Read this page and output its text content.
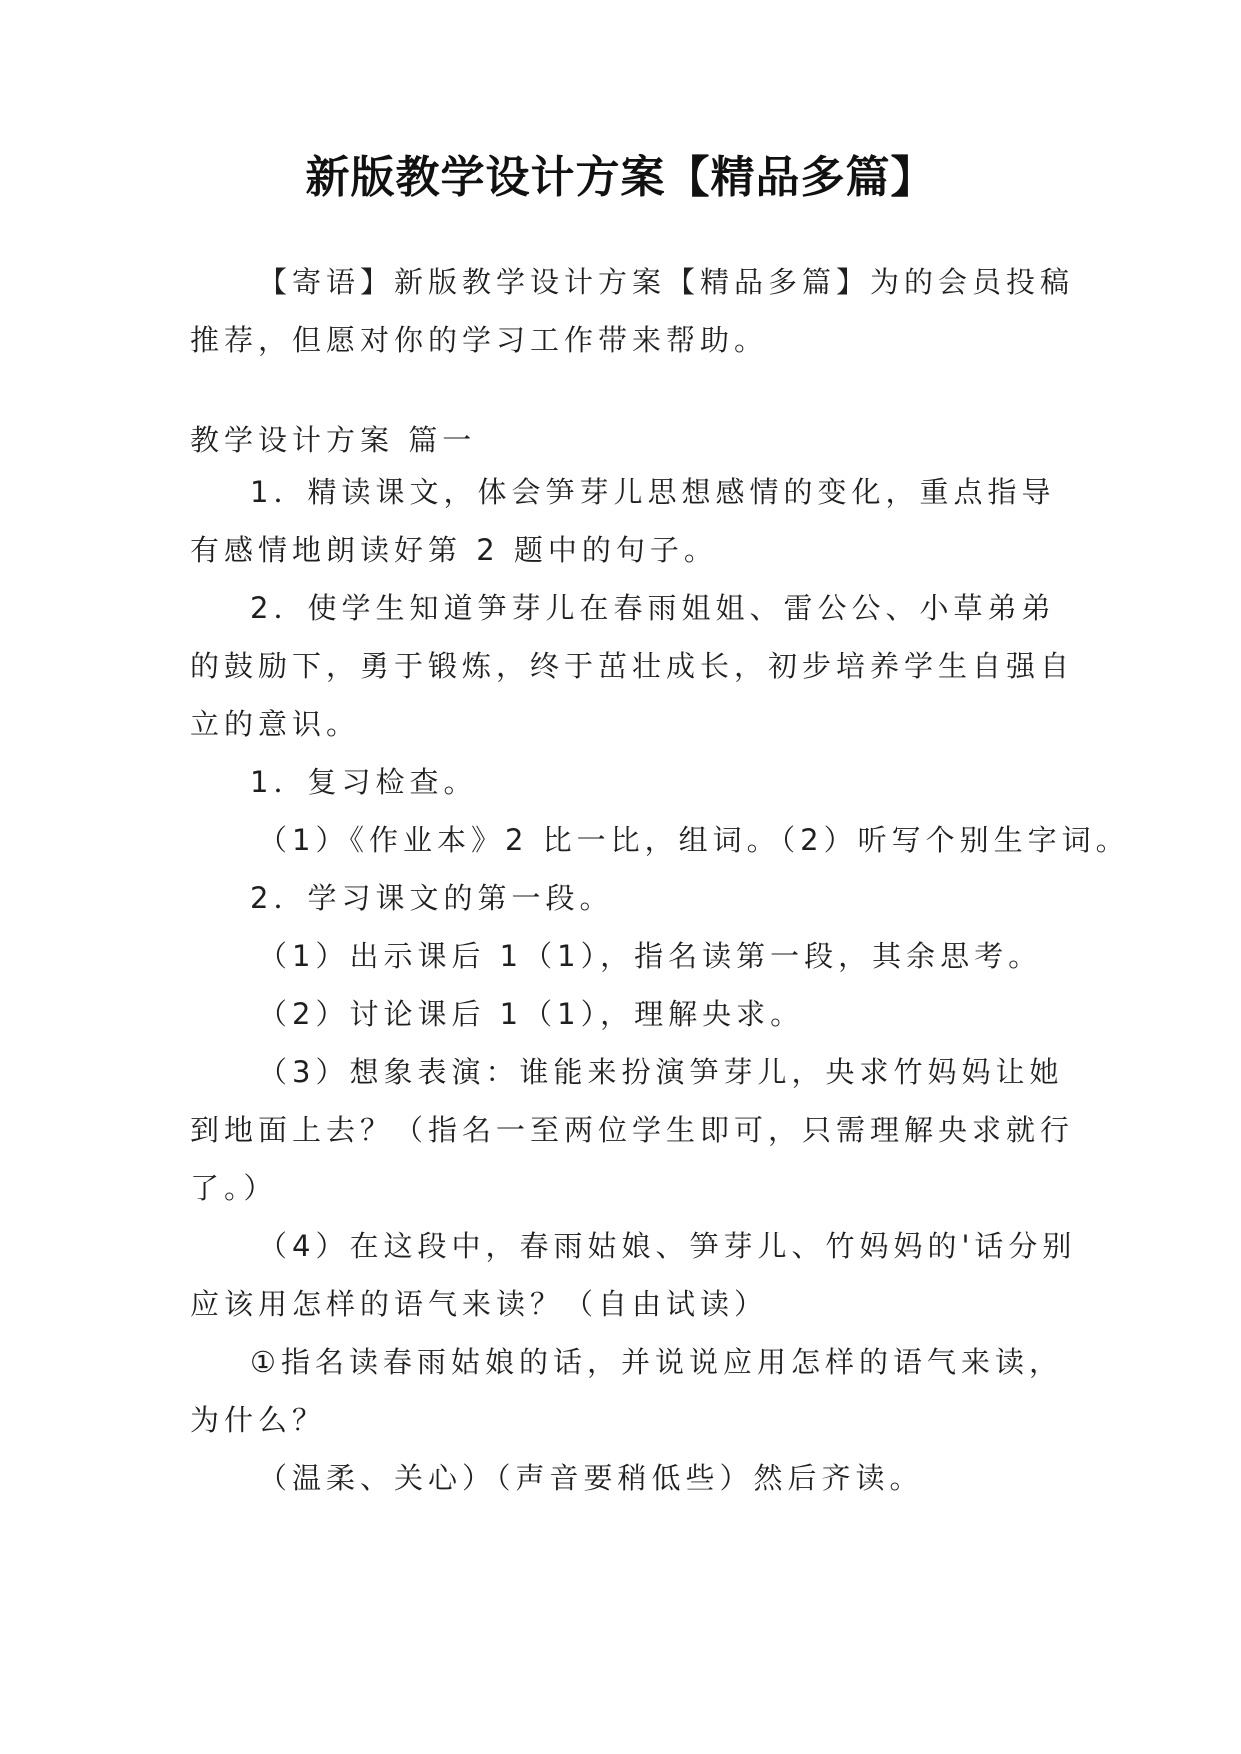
新版教学设计方案【精品多篇】
【寄语】新版教学设计方案【精品多篇】为的会员投稿
推荐，但愿对你的学习工作带来帮助。
教学设计方案 篇一
1．精读课文，体会笋芽儿思想感情的变化，重点指导
有感情地朗读好第 2 题中的句子。
2．使学生知道笋芽儿在春雨姐姐、雷公公、小草弟弟
的鼓励下，勇于锻炼，终于茁壮成长，初步培养学生自强自
立的意识。
1．复习检查。
（1）《作业本》2 比一比，组词。（2）听写个别生字词。
2．学习课文的第一段。
（1）出示课后 1（1），指名读第一段，其余思考。
（2）讨论课后 1（1），理解央求。
（3）想象表演：谁能来扮演笋芽儿，央求竹妈妈让她
到地面上去？（指名一至两位学生即可，只需理解央求就行
了。）
（4）在这段中，春雨姑娘、笋芽儿、竹妈妈的'话分别
应该用怎样的语气来读？（自由试读）
①指名读春雨姑娘的话，并说说应用怎样的语气来读，
为什么？
（温柔、关心）（声音要稍低些）然后齐读。
